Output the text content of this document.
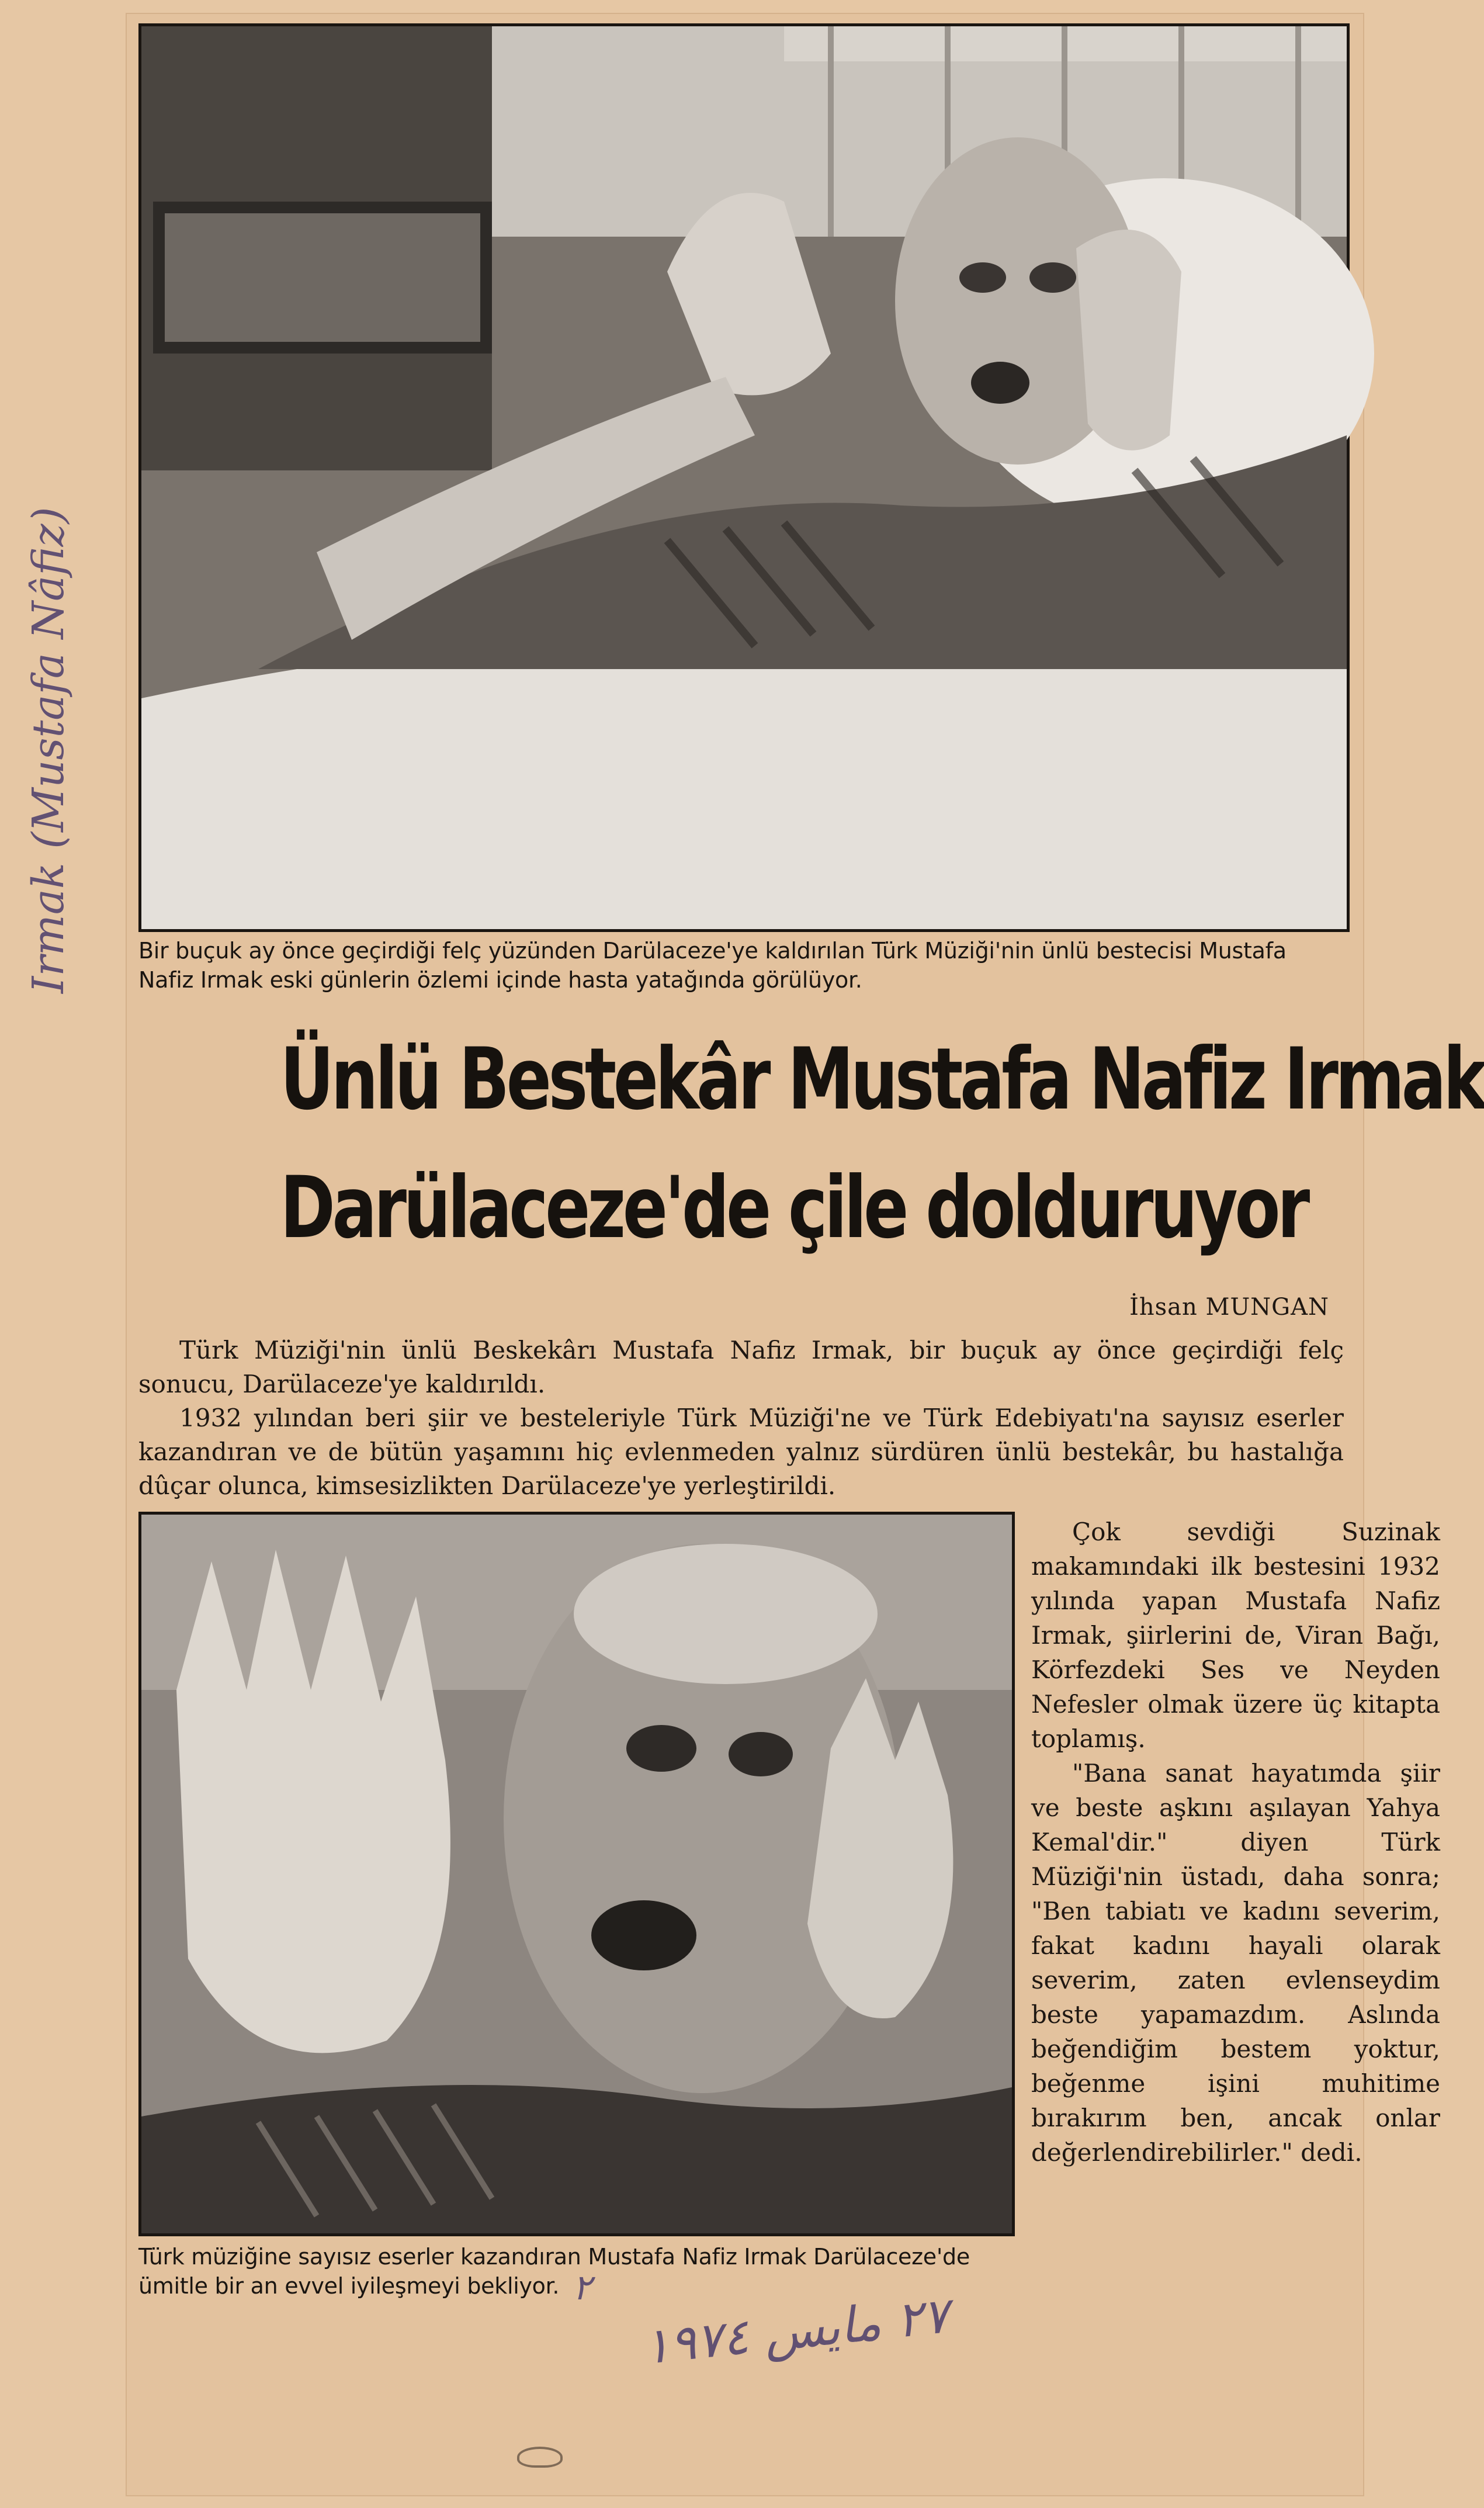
Bir buçuk ay önce geçirdiği felç yüzünden Darülaceze'ye kaldırılan Türk Müziği'nin ünlü bestecisi Mustafa Nafiz Irmak eski günlerin özlemi içinde hasta yatağında görülüyor.
Ünlü Bestekâr Mustafa Nafiz Irmak
Darülaceze'de çile dolduruyor
İhsan MUNGAN

Türk Müziği'nin ünlü Beskekârı Mustafa Nafiz Irmak, bir buçuk ay önce geçirdiği felç sonucu, Darülaceze'ye kaldırıldı.

1932 yılından beri şiir ve besteleriyle Türk Müziği'ne ve Türk Edebiyatı'na sayısız eserler kazandıran ve de bütün yaşamını hiç evlenmeden yalnız sürdüren ünlü bestekâr, bu hastalığa dûçar olunca, kimsesizlikten Darülaceze'ye yerleştirildi.

Türk müziğine sayısız eserler kazandıran Mustafa Nafiz Irmak Darülaceze'de ümitle bir an evvel iyileşmeyi bekliyor.

Çok sevdiği Suzinak makamındaki ilk bestesini 1932 yılında yapan Mustafa Nafiz Irmak, şiirlerini de, Viran Bağı, Körfezdeki Ses ve Neyden Nefesler olmak üzere üç kitapta toplamış.

"Bana sanat hayatımda şiir ve beste aşkını aşılayan Yahya Kemal'dir." diyen Türk Müziği'nin üstadı, daha sonra; "Ben tabiatı ve kadını severim, fakat kadını hayali olarak severim, zaten evlenseydim beste yapamazdım. Aslında beğendiğim bestem yoktur, beğenme işini muhitime bırakırım ben, ancak onlar değerlendirebilirler." dedi.

Irmak (Mustafa Nâfiz)
٢
٢٧ مايس ١٩٧٤
